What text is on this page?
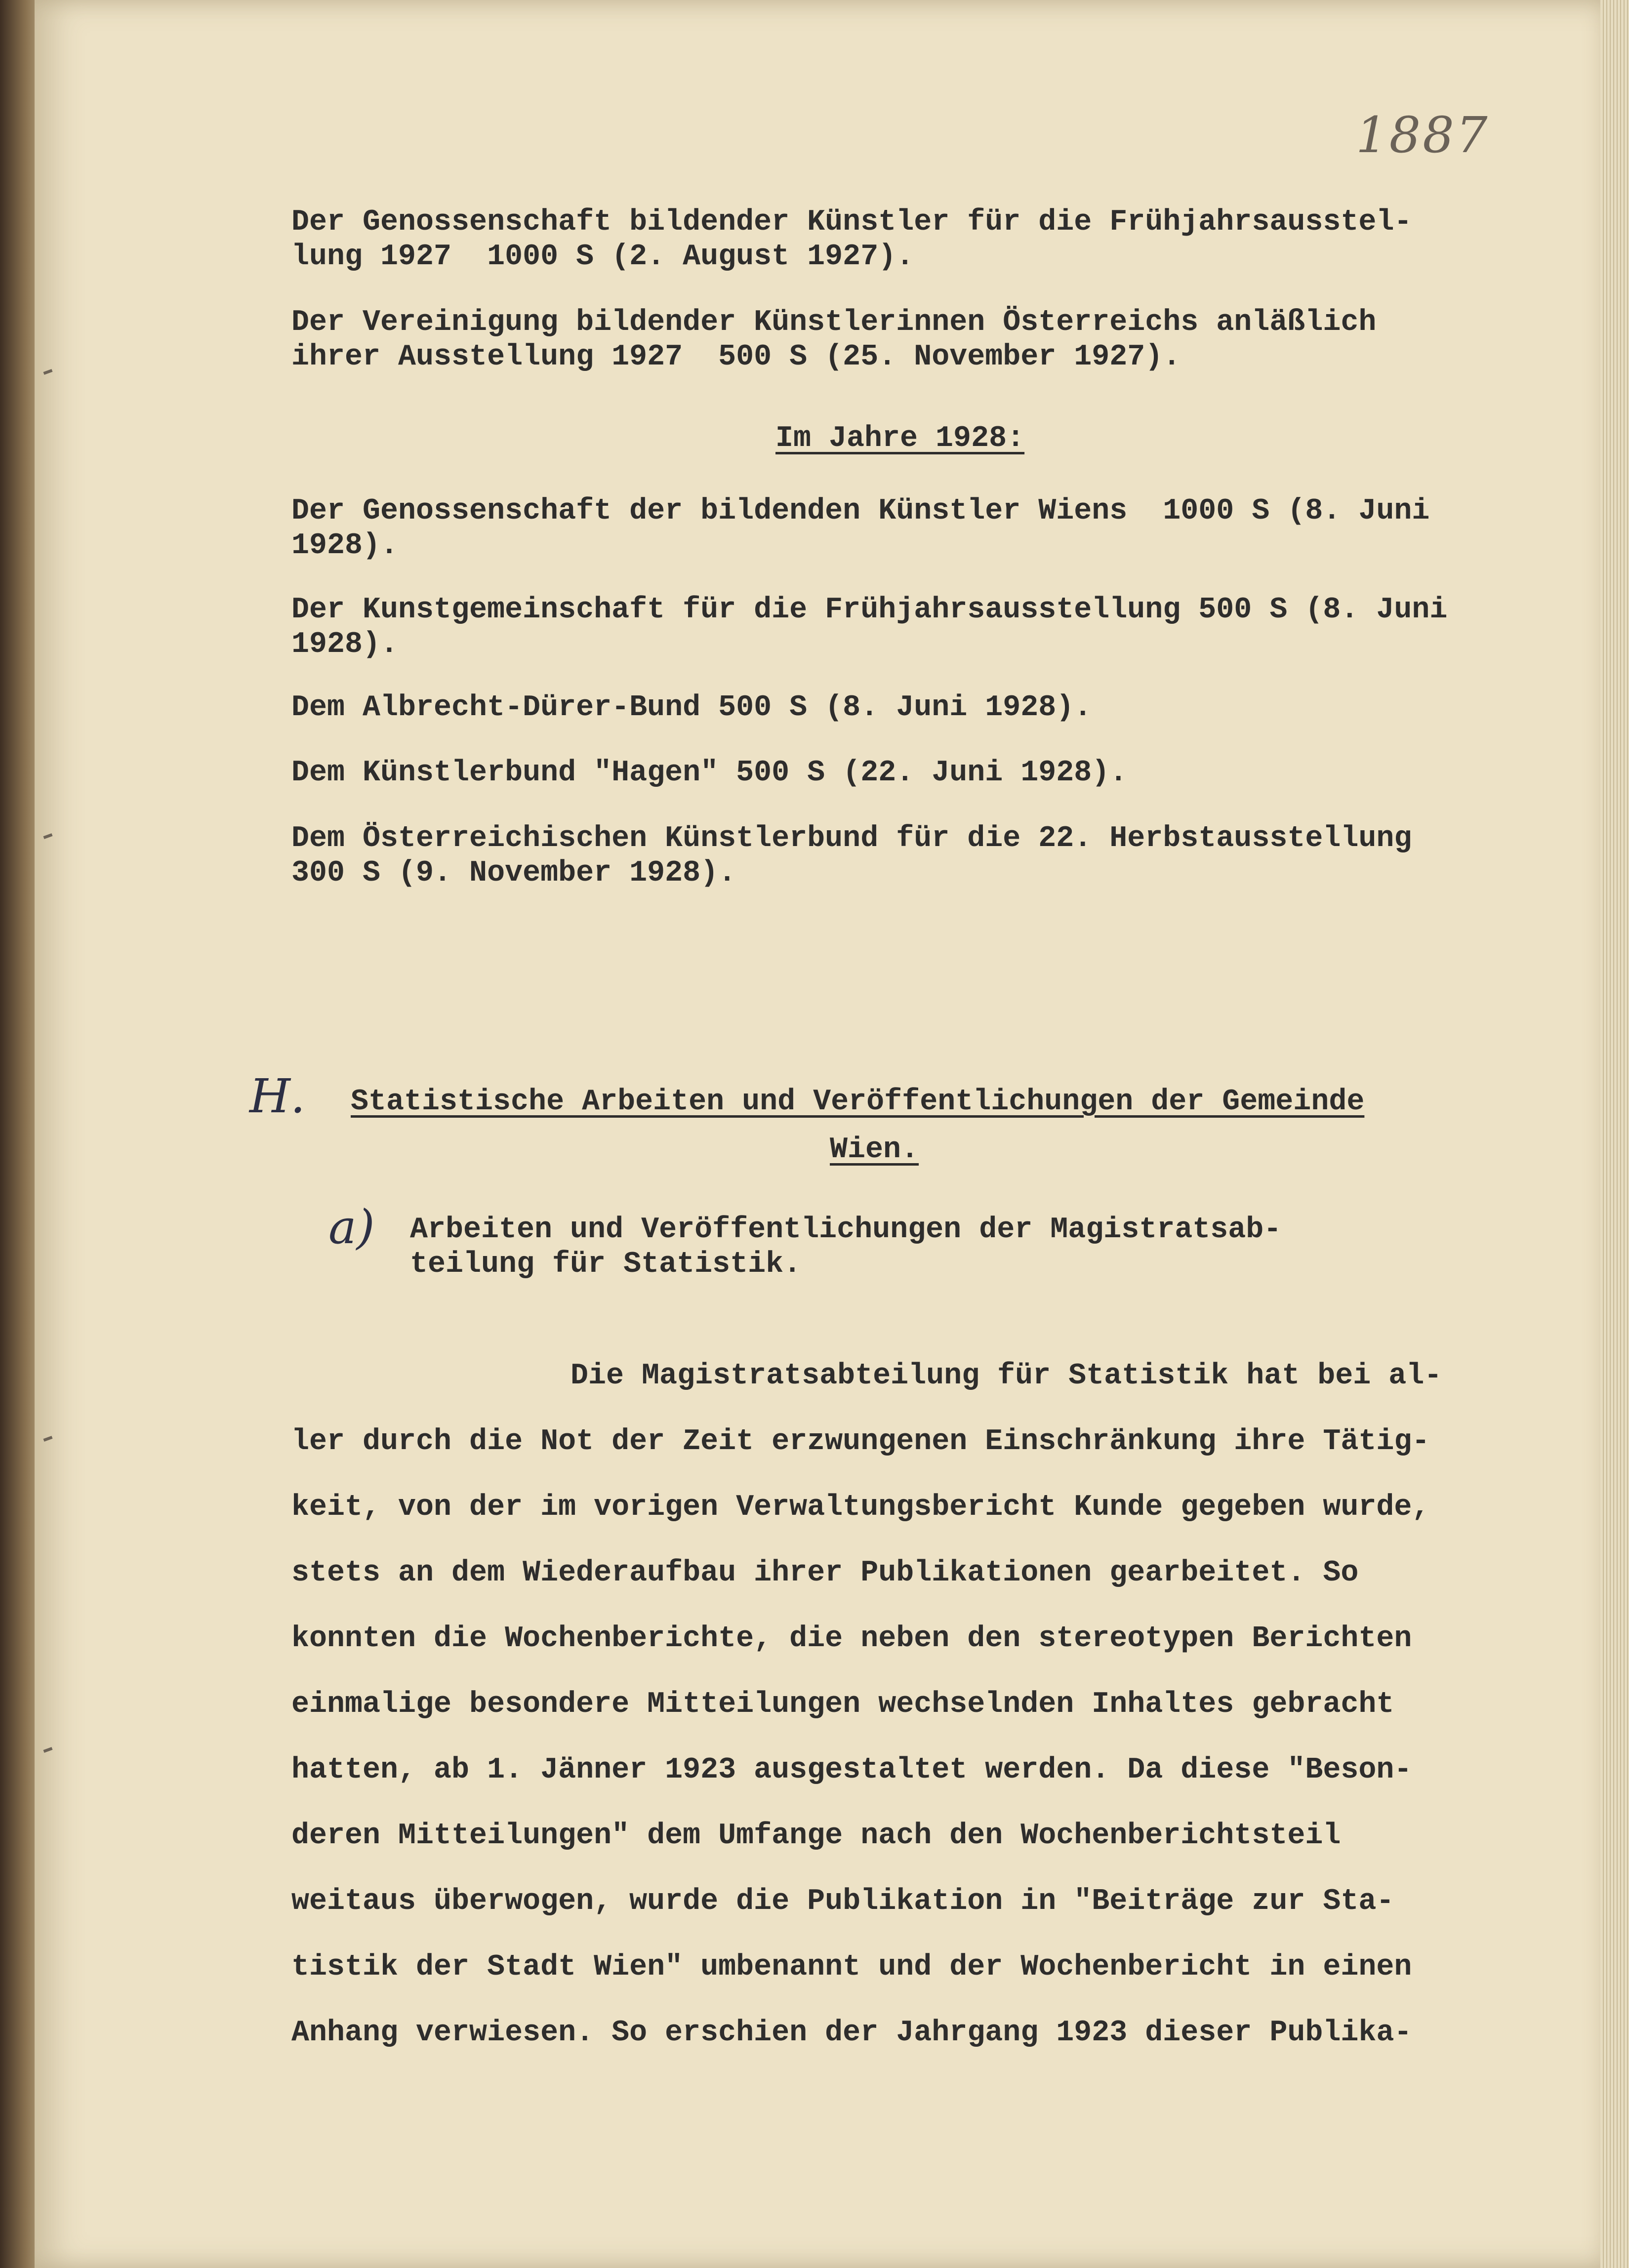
1887
Der Genossenschaft bildender Künstler für die Frühjahrsausstel-
lung 1927  1000 S (2. August 1927).
Der Vereinigung bildender Künstlerinnen Österreichs anläßlich
ihrer Ausstellung 1927  500 S (25. November 1927).
Im Jahre 1928:
Der Genossenschaft der bildenden Künstler Wiens  1000 S (8. Juni
1928).
Der Kunstgemeinschaft für die Frühjahrsausstellung 500 S (8. Juni
1928).
Dem Albrecht-Dürer-Bund 500 S (8. Juni 1928).
Dem Künstlerbund "Hagen" 500 S (22. Juni 1928).
Dem Österreichischen Künstlerbund für die 22. Herbstausstellung
300 S (9. November 1928).
H. Statistische Arbeiten und Veröffentlichungen der Gemeinde
Wien.
a) Arbeiten und Veröffentlichungen der Magistratsab-
teilung für Statistik.
Die Magistratsabteilung für Statistik hat bei al-
ler durch die Not der Zeit erzwungenen Einschränkung ihre Tätig-
keit, von der im vorigen Verwaltungsbericht Kunde gegeben wurde,
stets an dem Wiederaufbau ihrer Publikationen gearbeitet. So
konnten die Wochenberichte, die neben den stereotypen Berichten
einmalige besondere Mitteilungen wechselnden Inhaltes gebracht
hatten, ab 1. Jänner 1923 ausgestaltet werden. Da diese "Beson-
deren Mitteilungen" dem Umfange nach den Wochenberichtsteil
weitaus überwogen, wurde die Publikation in "Beiträge zur Sta-
tistik der Stadt Wien" umbenannt und der Wochenbericht in einen
Anhang verwiesen. So erschien der Jahrgang 1923 dieser Publika-
